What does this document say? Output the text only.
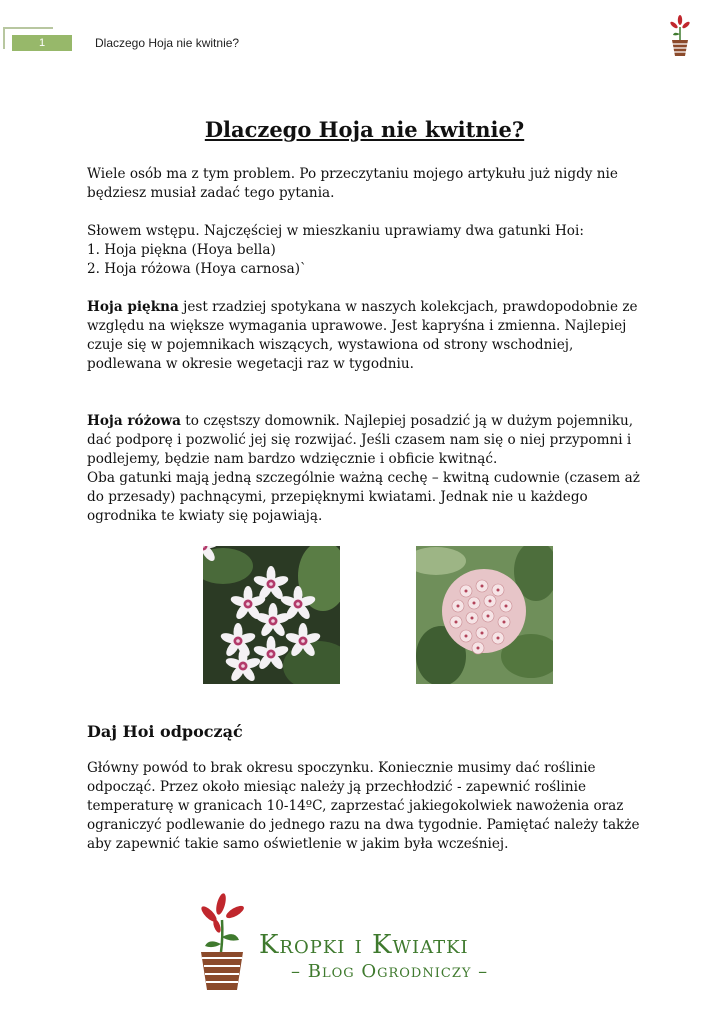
1	Dlaczego Hoja nie kwitnie?
Dlaczego Hoja nie kwitnie?

Wiele osób ma z tym problem. Po przeczytaniu mojego artykułu już nigdy nie będziesz musiał zadać tego pytania.

Słowem wstępu. Najczęściej w mieszkaniu uprawiamy dwa gatunki Hoi:

1. Hoja piękna (Hoya bella)

2. Hoja różowa (Hoya carnosa)`

Hoja piękna jest rzadziej spotykana w naszych kolekcjach, prawdopodobnie ze względu na większe wymagania uprawowe. Jest kapryśna i zmienna. Najlepiej czuje się w pojemnikach wiszących, wystawiona od strony wschodniej, podlewana w okresie wegetacji raz w tygodniu.

Hoja różowa to częstszy domownik. Najlepiej posadzić ją w dużym pojemniku, dać podporę i pozwolić jej się rozwijać. Jeśli czasem nam się o niej przypomni i podlejemy, będzie nam bardzo wdzięcznie i obficie kwitnąć.

Oba gatunki mają jedną szczególnie ważną cechę – kwitną cudownie (czasem aż do przesady) pachnącymi, przepięknymi kwiatami. Jednak nie u każdego ogrodnika te kwiaty się pojawiają.

Daj Hoi odpocząć

Główny powód to brak okresu spoczynku. Koniecznie musimy dać roślinie odpocząć. Przez około miesiąc należy ją przechłodzić - zapewnić roślinie temperaturę w granicach 10-14ºC, zaprzestać jakiegokolwiek nawożenia oraz ograniczyć podlewanie do jednego razu na dwa tygodnie. Pamiętać należy także aby zapewnić takie samo oświetlenie w jakim była wcześniej.

Kropki i Kwiatki
– Blog Ogrodniczy –
